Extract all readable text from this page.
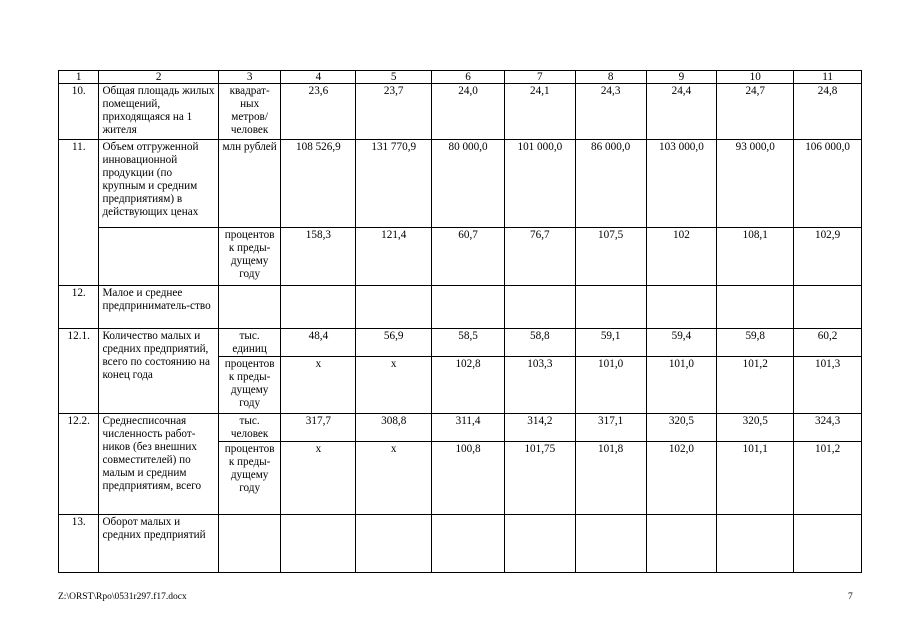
1	2	3	4	5	6	7	8	9	10	11
10.	Общая площадь жилых помещений, приходящаяся на 1 жителя	квадрат-ных метров/ человек	23,6	23,7	24,0	24,1	24,3	24,4	24,7	24,8
11.	Объем отгруженной инновационной продукции (по крупным и средним предприятиям) в действующих ценах	млн рублей	108 526,9	131 770,9	80 000,0	101 000,0	86 000,0	103 000,0	93 000,0	106 000,0
		процентов к преды-дущему году	158,3	121,4	60,7	76,7	107,5	102	108,1	102,9
12.	Малое и среднее предприниматель-ство									
12.1.	Количество малых и средних предприятий, всего по состоянию на конец года	тыс. единиц	48,4	56,9	58,5	58,8	59,1	59,4	59,8	60,2
		процентов к преды-дущему году	х	х	102,8	103,3	101,0	101,0	101,2	101,3
12.2.	Среднесписочная численность работ-ников (без внешних совместителей) по малым и средним предприятиям, всего	тыс. человек	317,7	308,8	311,4	314,2	317,1	320,5	320,5	324,3
		процентов к преды-дущему году	х	х	100,8	101,75	101,8	102,0	101,1	101,2
13.	Оборот малых и средних предприятий									
Z:\ORST\Rpo\0531r297.f17.docx	7
